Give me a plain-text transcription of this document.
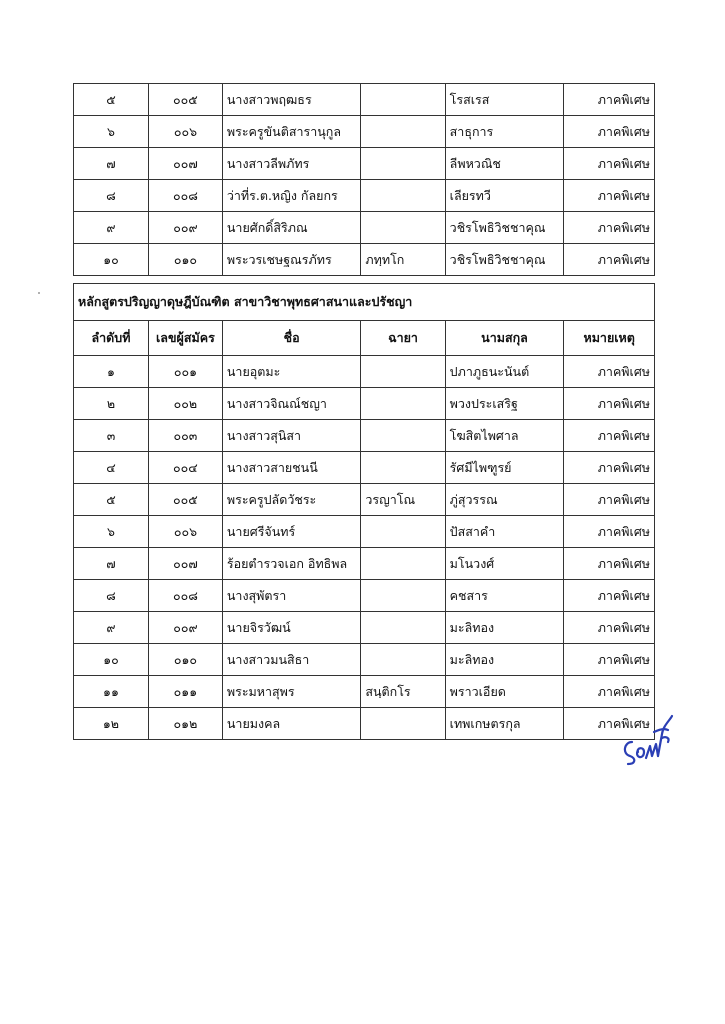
๕	๐๐๕	นางสาวพฤฒธร		โรสเรส	ภาคพิเศษ
๖	๐๐๖	พระครูขันติสารานุกูล		สาธุการ	ภาคพิเศษ
๗	๐๐๗	นางสาวลีพภัทร		ลีพหวณิช	ภาคพิเศษ
๘	๐๐๘	ว่าที่ร.ต.หญิง กัลยกร		เลียรทวี	ภาคพิเศษ
๙	๐๐๙	นายศักดิ์สิริภณ		วชิรโพธิวิชชาคุณ	ภาคพิเศษ
๑๐	๐๑๐	พระวรเชษฐณรภัทร	ภทฺทโก	วชิรโพธิวิชชาคุณ	ภาคพิเศษ
หลักสูตรปริญญาดุษฎีบัณฑิต สาขาวิชาพุทธศาสนาและปรัชญา					
ลำดับที่	เลขผู้สมัคร	ชื่อ	ฉายา	นามสกุล	หมายเหตุ
๑	๐๐๑	นายอุตมะ		ปภาภูธนะนันต์	ภาคพิเศษ
๒	๐๐๒	นางสาวจิณณ์ชญา		พวงประเสริฐ	ภาคพิเศษ
๓	๐๐๓	นางสาวสุนิสา		โฆสิตไพศาล	ภาคพิเศษ
๔	๐๐๔	นางสาวสายชนนี		รัศมีไพฑูรย์	ภาคพิเศษ
๕	๐๐๕	พระครูปลัดวัชระ	วรญาโณ	ภู่สุวรรณ	ภาคพิเศษ
๖	๐๐๖	นายศรีจันทร์		ปัสสาคำ	ภาคพิเศษ
๗	๐๐๗	ร้อยตำรวจเอก อิทธิพล		มโนวงศ์	ภาคพิเศษ
๘	๐๐๘	นางสุพัตรา		คชสาร	ภาคพิเศษ
๙	๐๐๙	นายจิรวัฒน์		มะลิทอง	ภาคพิเศษ
๑๐	๐๑๐	นางสาวมนสิธา		มะลิทอง	ภาคพิเศษ
๑๑	๐๑๑	พระมหาสุพร	สนฺติกโร	พราวเอียด	ภาคพิเศษ
๑๒	๐๑๒	นายมงคล		เทพเกษตรกุล	ภาคพิเศษ
